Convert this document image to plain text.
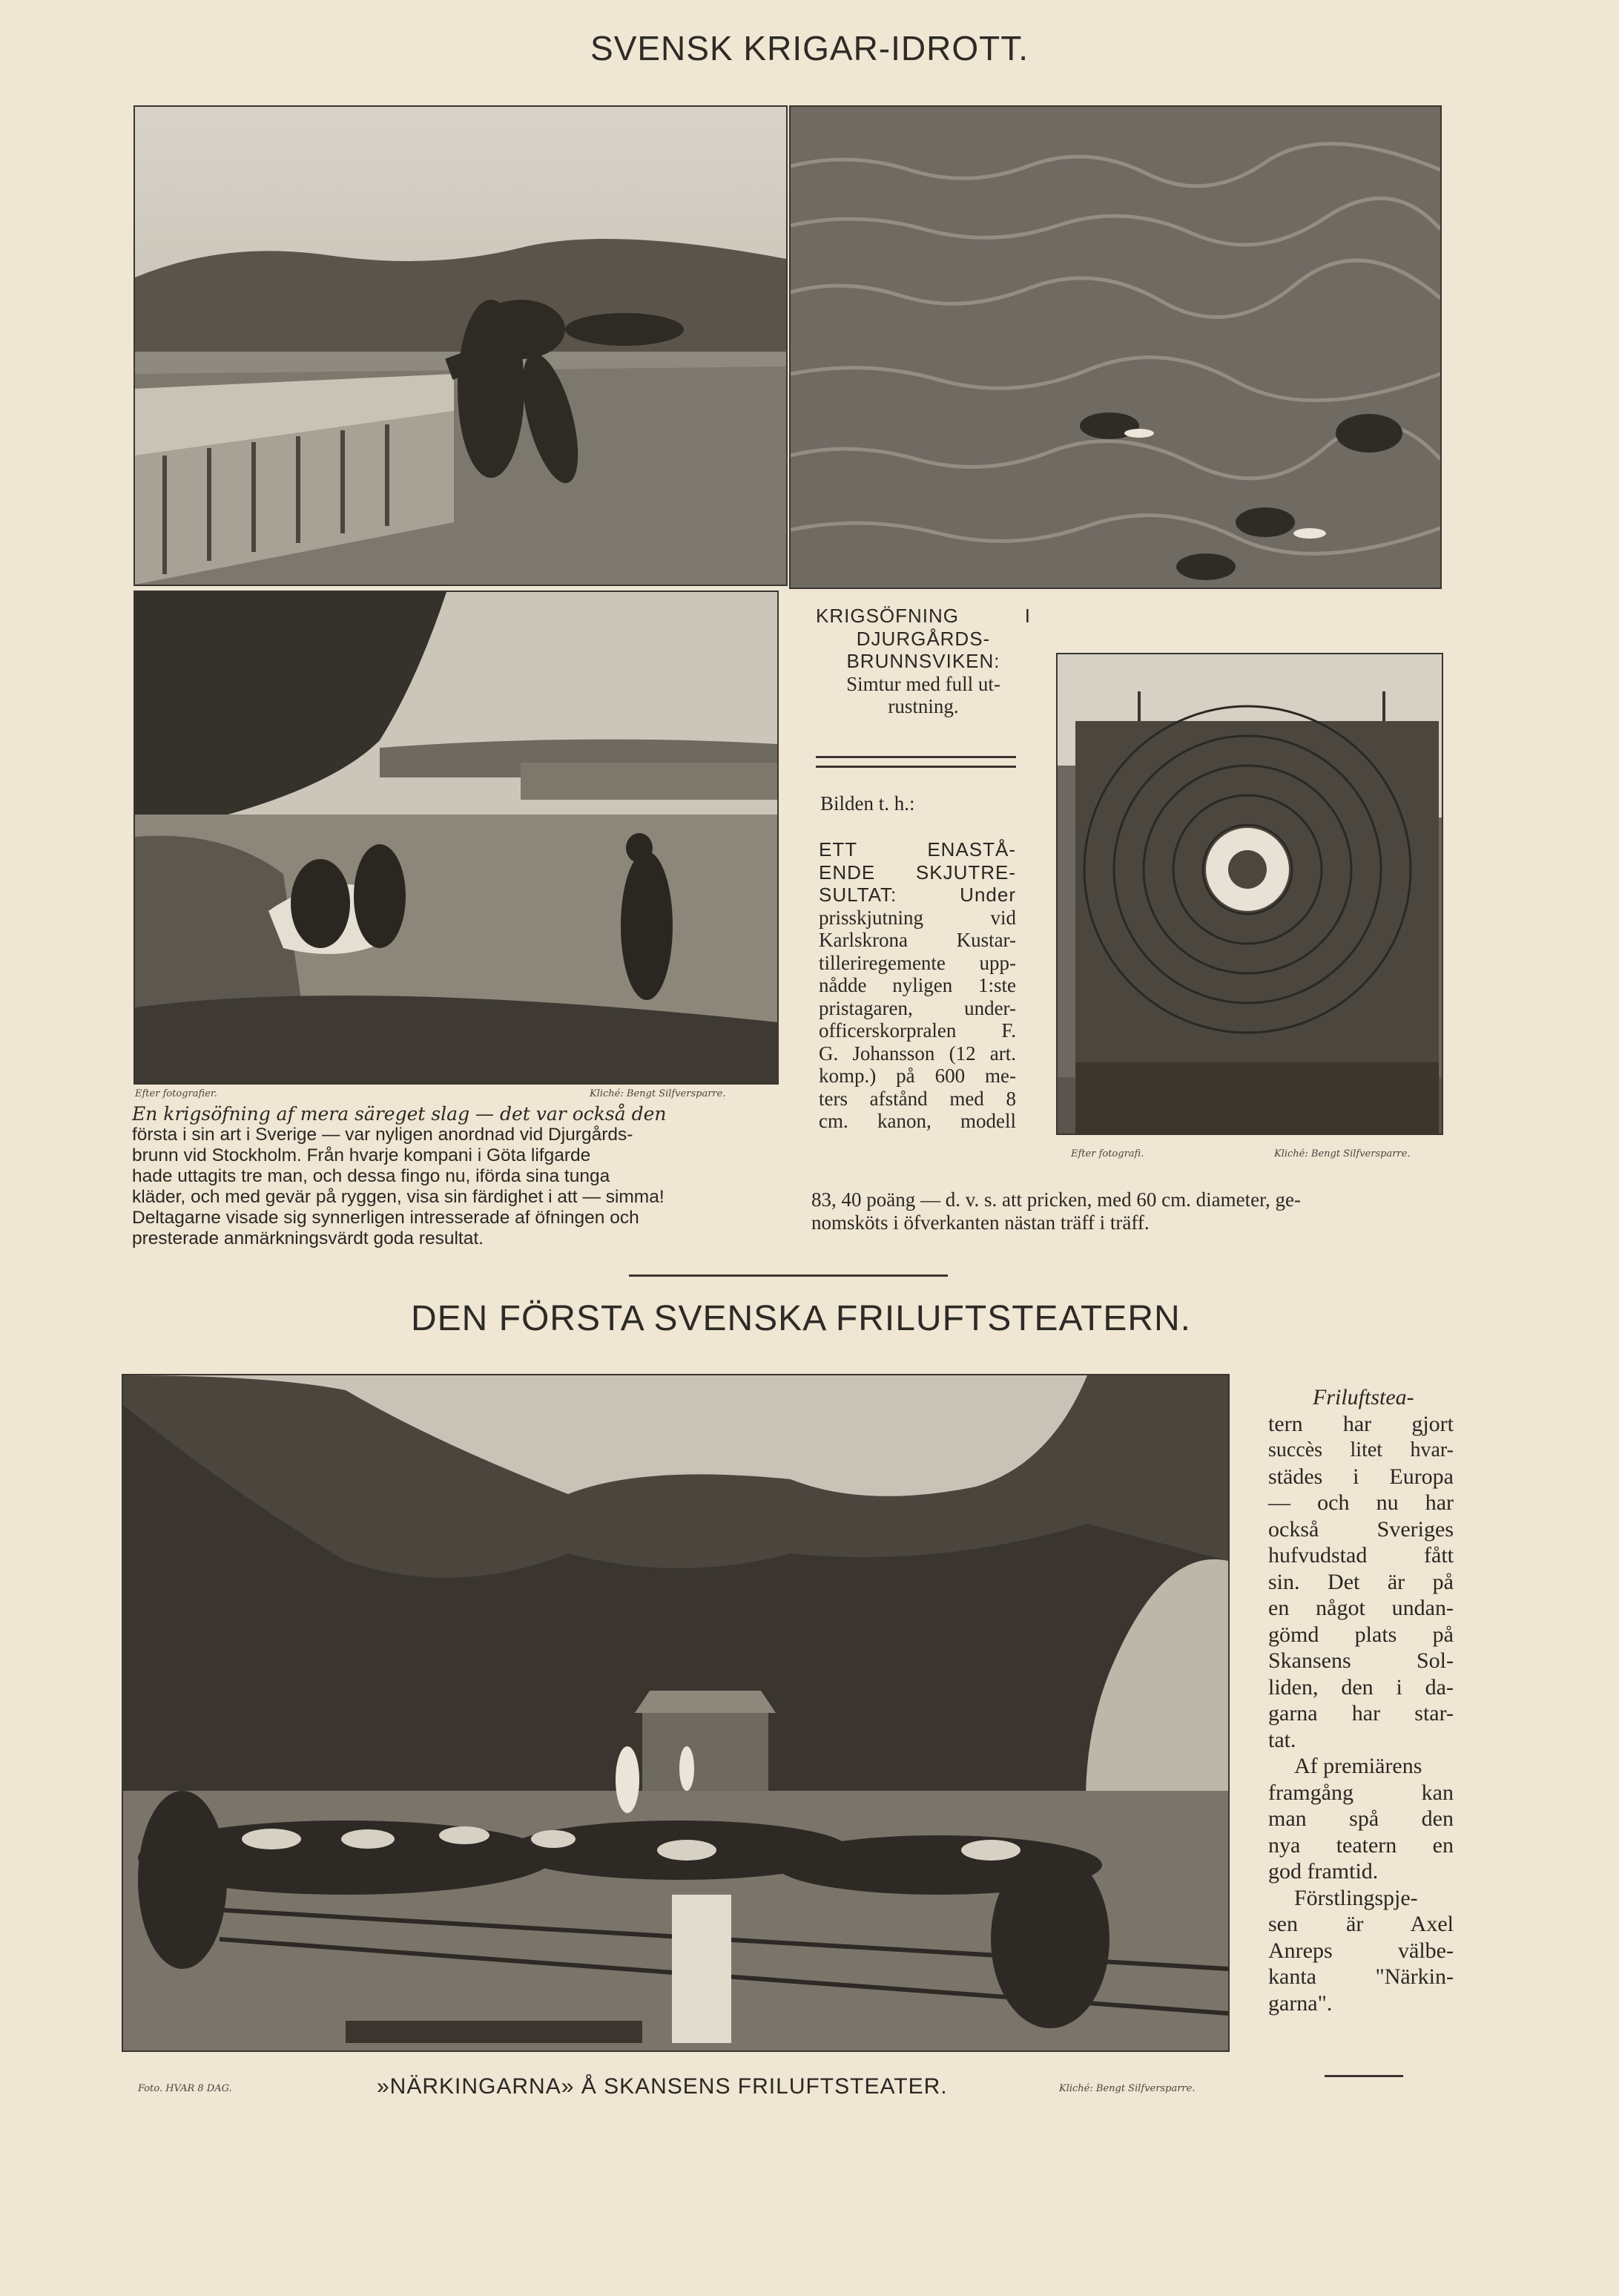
SVENSK KRIGAR-IDROTT.
Efter fotografier.	Kliché: Bengt Silfversparre.
En krigsöfning af mera säreget slag — det var också den
första i sin art i Sverige — var nyligen anordnad vid Djurgårds-
brunn vid Stockholm. Från hvarje kompani i Göta lifgarde
hade uttagits tre man, och dessa fingo nu, iförda sina tunga
kläder, och med gevär på ryggen, visa sin färdighet i att — simma!
Deltagarne visade sig synnerligen intresserade af öfningen och
presterade anmärkningsvärdt goda resultat.
KRIGSÖFNING I
DJURGÅRDS-
BRUNNSVIKEN:
Simtur med full ut-
rustning.
Bilden t. h.:
ETT ENASTÅ-
ENDE SKJUTRE-
SULTAT: Under
prisskjutning vid
Karlskrona Kustar-
tilleriregemente upp-
nådde nyligen 1:ste
pristagaren, under-
officerskorpralen F.
G. Johansson (12 art.
komp.) på 600 me-
ters afstånd med 8
cm. kanon, modell
Efter fotografi.	Kliché: Bengt Silfversparre.
83, 40 poäng — d. v. s. att pricken, med 60 cm. diameter, ge-
nomsköts i öfverkanten nästan träff i träff.
DEN FÖRSTA SVENSKA FRILUFTSTEATERN.
Friluftstea-
tern har gjort
succès litet hvar-
städes i Europa
— och nu har
också Sveriges
hufvudstad fått
sin. Det är på
en något undan-
gömd plats på
Skansens Sol-
liden, den i da-
garna har star-
tat.
Af premiärens
framgång kan
man spå den
nya teatern en
god framtid.
Förstlingspje-
sen är Axel
Anreps välbe-
kanta "Närkin-
garna".
Foto. HVAR 8 DAG.	»NÄRKINGARNA» Å SKANSENS FRILUFTSTEATER.	Kliché: Bengt Silfversparre.
